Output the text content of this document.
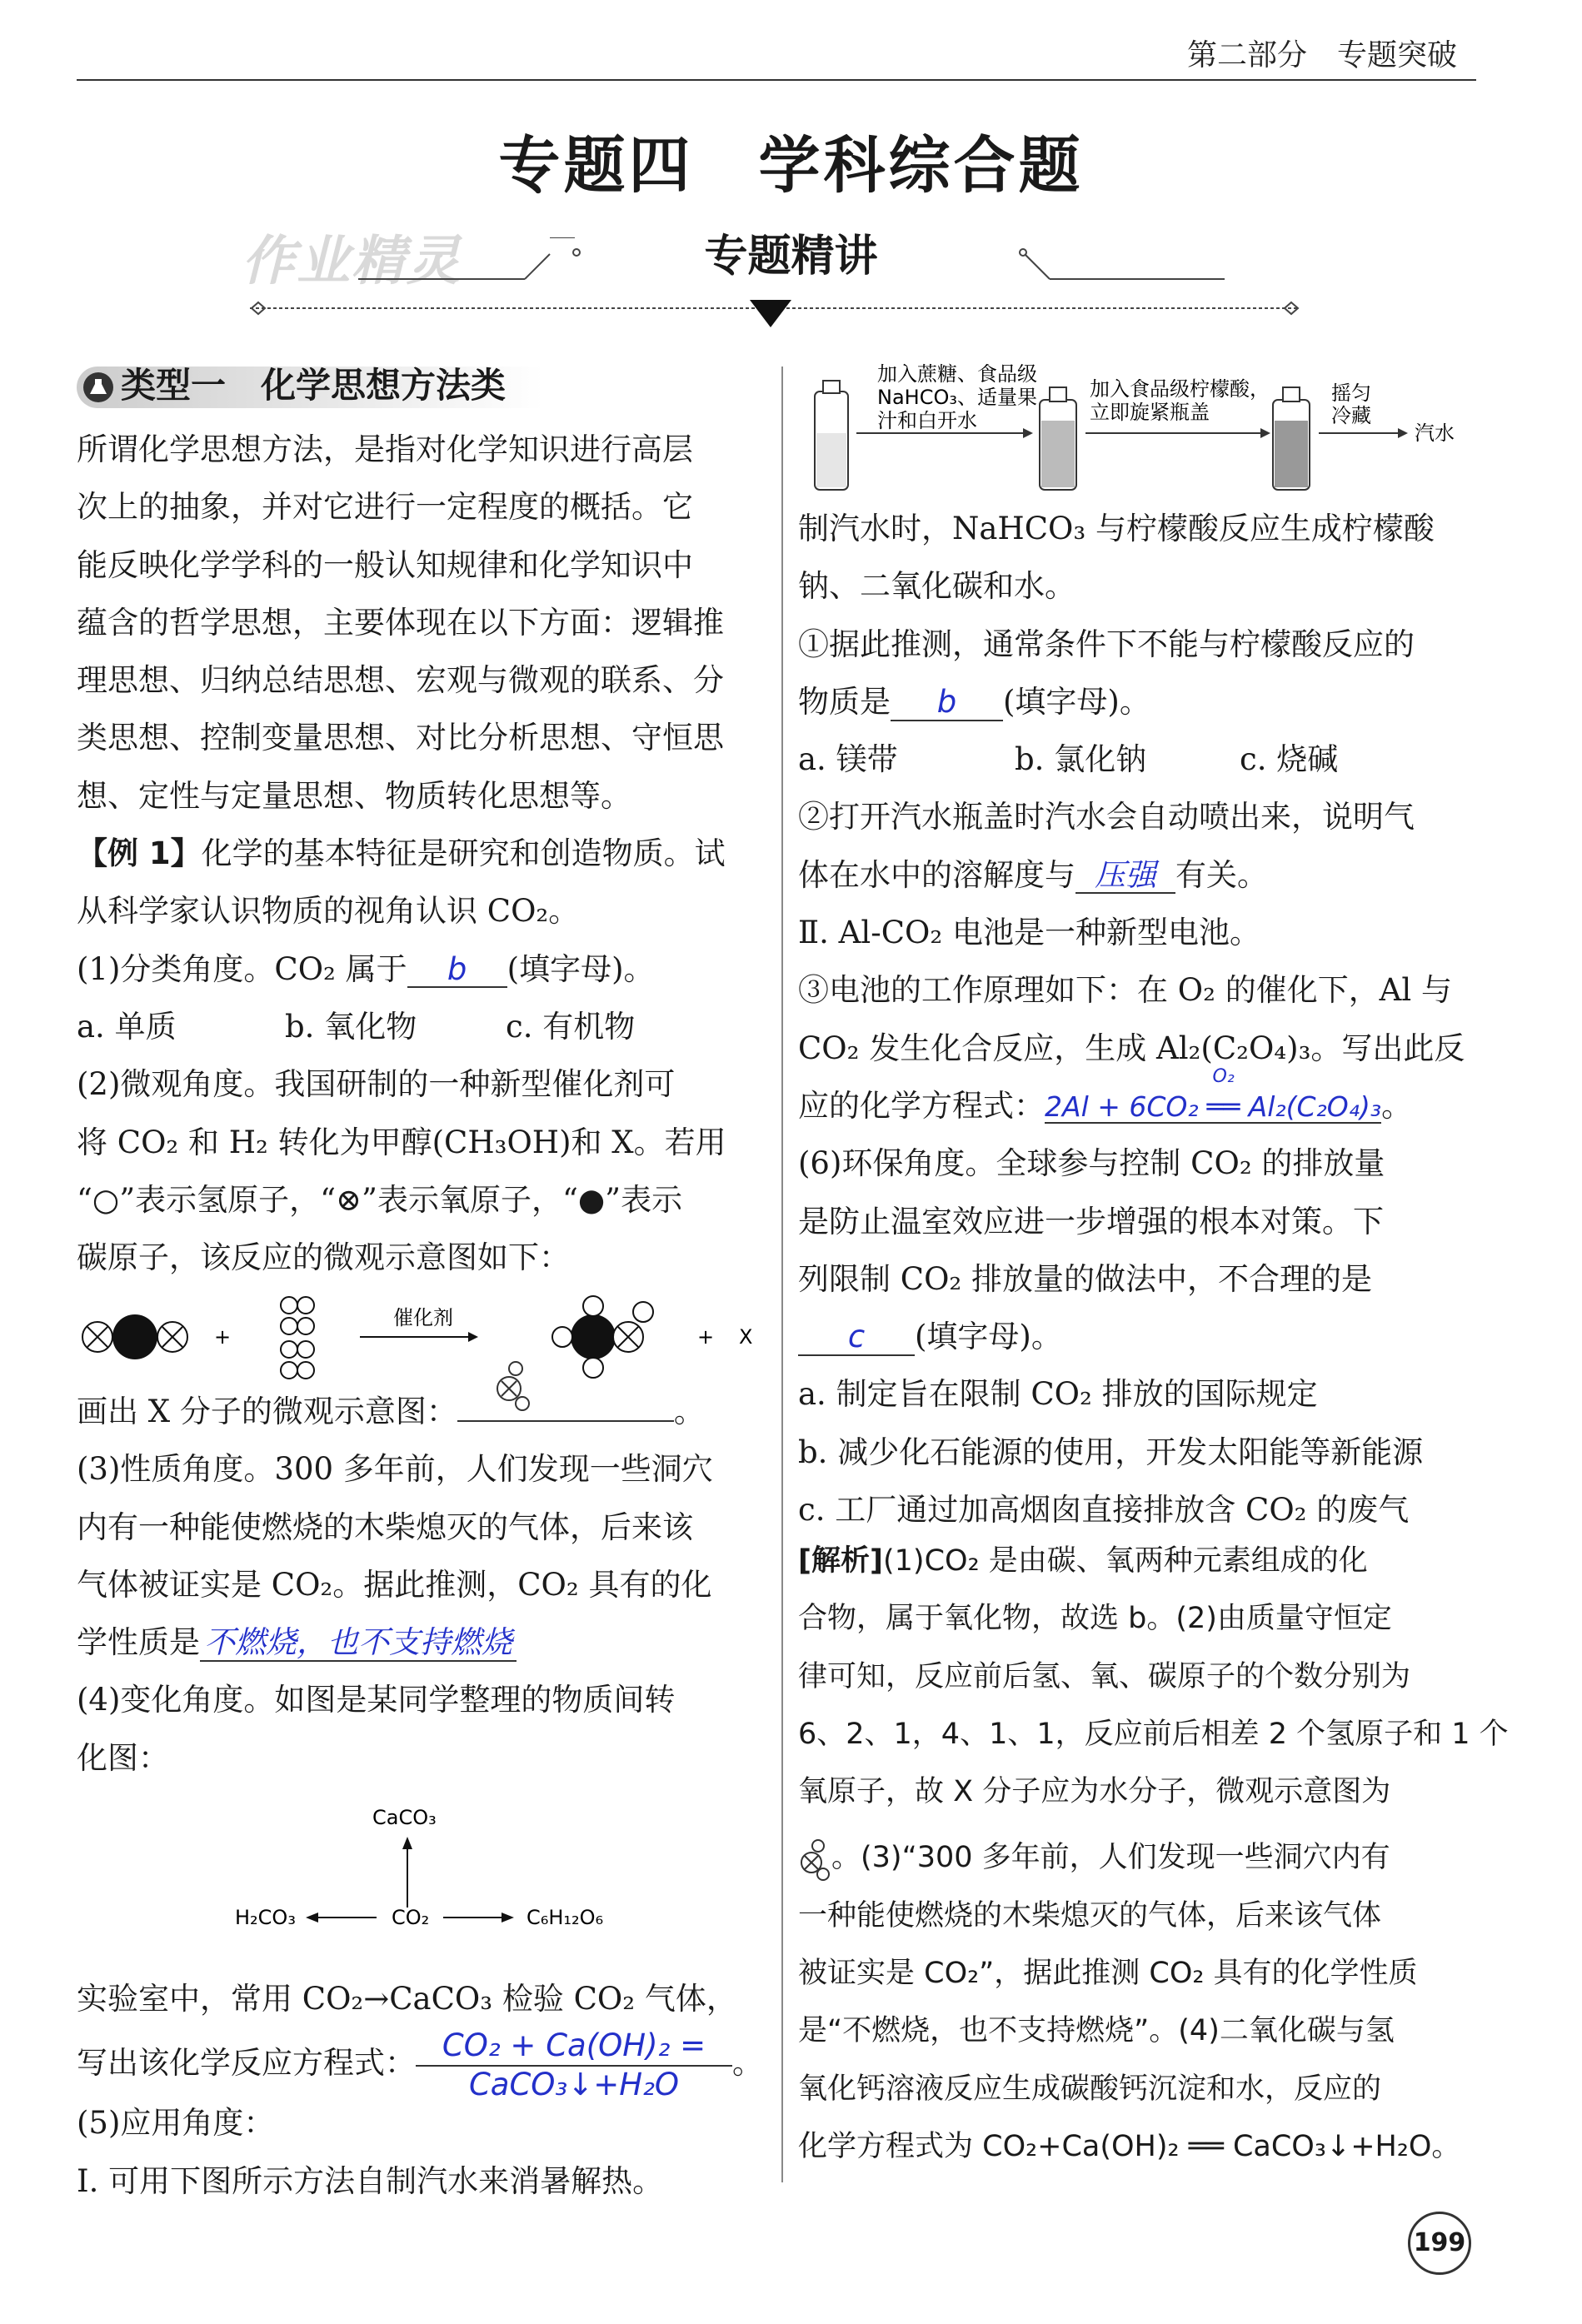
第二部分　专题突破
专题四　学科综合题
作业精灵	专题精讲
类型一　化学思想方法类

所谓化学思想方法，是指对化学知识进行高层

次上的抽象，并对它进行一定程度的概括。它

能反映化学学科的一般认知规律和化学知识中

蕴含的哲学思想，主要体现在以下方面：逻辑推

理思想、归纳总结思想、宏观与微观的联系、分

类思想、控制变量思想、对比分析思想、守恒思

想、定性与定量思想、物质转化思想等。

【例 1】化学的基本特征是研究和创造物质。试

从科学家认识物质的视角认识 CO₂。

(1)分类角度。CO₂ 属于 b (填字母)。

a. 单质	b. 氧化物	c. 有机物

(2)微观角度。我国研制的一种新型催化剂可

将 CO₂ 和 H₂ 转化为甲醇(CH₃OH)和 X。若用

“○”表示氢原子，“⊗”表示氧原子，“●”表示

碳原子，该反应的微观示意图如下：

+
催化剂
+ X

画出 X 分子的微观示意图：	。

(3)性质角度。300 多年前，人们发现一些洞穴

内有一种能使燃烧的木柴熄灭的气体，后来该

气体被证实是 CO₂。据此推测，CO₂ 具有的化

学性质是 不燃烧，也不支持燃烧

(4)变化角度。如图是某同学整理的物质间转

化图：

CaCO₃
CO₂
H₂CO₃	C₆H₁₂O₆

实验室中，常用 CO₂→CaCO₃ 检验 CO₂ 气体，

写出该化学反应方程式： $\frac{\text{CO₂ + Ca(OH)₂ =}}{\text{CaCO₃↓+H₂O}}$ 。

(5)应用角度：

Ⅰ. 可用下图所示方法自制汽水来消暑解热。

加入蔗糖、食品级
NaHCO₃、适量果
汁和白开水
加入食品级柠檬酸，
立即旋紧瓶盖
摇匀
冷藏
汽水

制汽水时，NaHCO₃ 与柠檬酸反应生成柠檬酸

钠、二氧化碳和水。

①据此推测，通常条件下不能与柠檬酸反应的

物质是 b (填字母)。

a. 镁带	b. 氯化钠	c. 烧碱

②打开汽水瓶盖时汽水会自动喷出来，说明气

体在水中的溶解度与 压强 有关。

Ⅱ. Al-CO₂ 电池是一种新型电池。

③电池的工作原理如下：在 O₂ 的催化下，Al 与

CO₂ 发生化合反应，生成 Al₂(C₂O₄)₃。写出此反

应的化学方程式：2Al + 6CO₂
O₂
══ Al₂(C₂O₄)₃。

(6)环保角度。全球参与控制 CO₂ 的排放量

是防止温室效应进一步增强的根本对策。下

列限制 CO₂ 排放量的做法中，不合理的是

c (填字母)。

a. 制定旨在限制 CO₂ 排放的国际规定

b. 减少化石能源的使用，开发太阳能等新能源

c. 工厂通过加高烟囱直接排放含 CO₂ 的废气

[解析](1)CO₂ 是由碳、氧两种元素组成的化

合物，属于氧化物，故选 b。(2)由质量守恒定

律可知，反应前后氢、氧、碳原子的个数分别为

6、2、1，4、1、1，反应前后相差 2 个氢原子和 1 个

氧原子，故 X 分子应为水分子，微观示意图为

。(3)“300 多年前，人们发现一些洞穴内有

一种能使燃烧的木柴熄灭的气体，后来该气体

被证实是 CO₂”，据此推测 CO₂ 具有的化学性质

是“不燃烧，也不支持燃烧”。(4)二氧化碳与氢

氧化钙溶液反应生成碳酸钙沉淀和水，反应的

化学方程式为 CO₂+Ca(OH)₂ ══ CaCO₃↓+H₂O。

199
